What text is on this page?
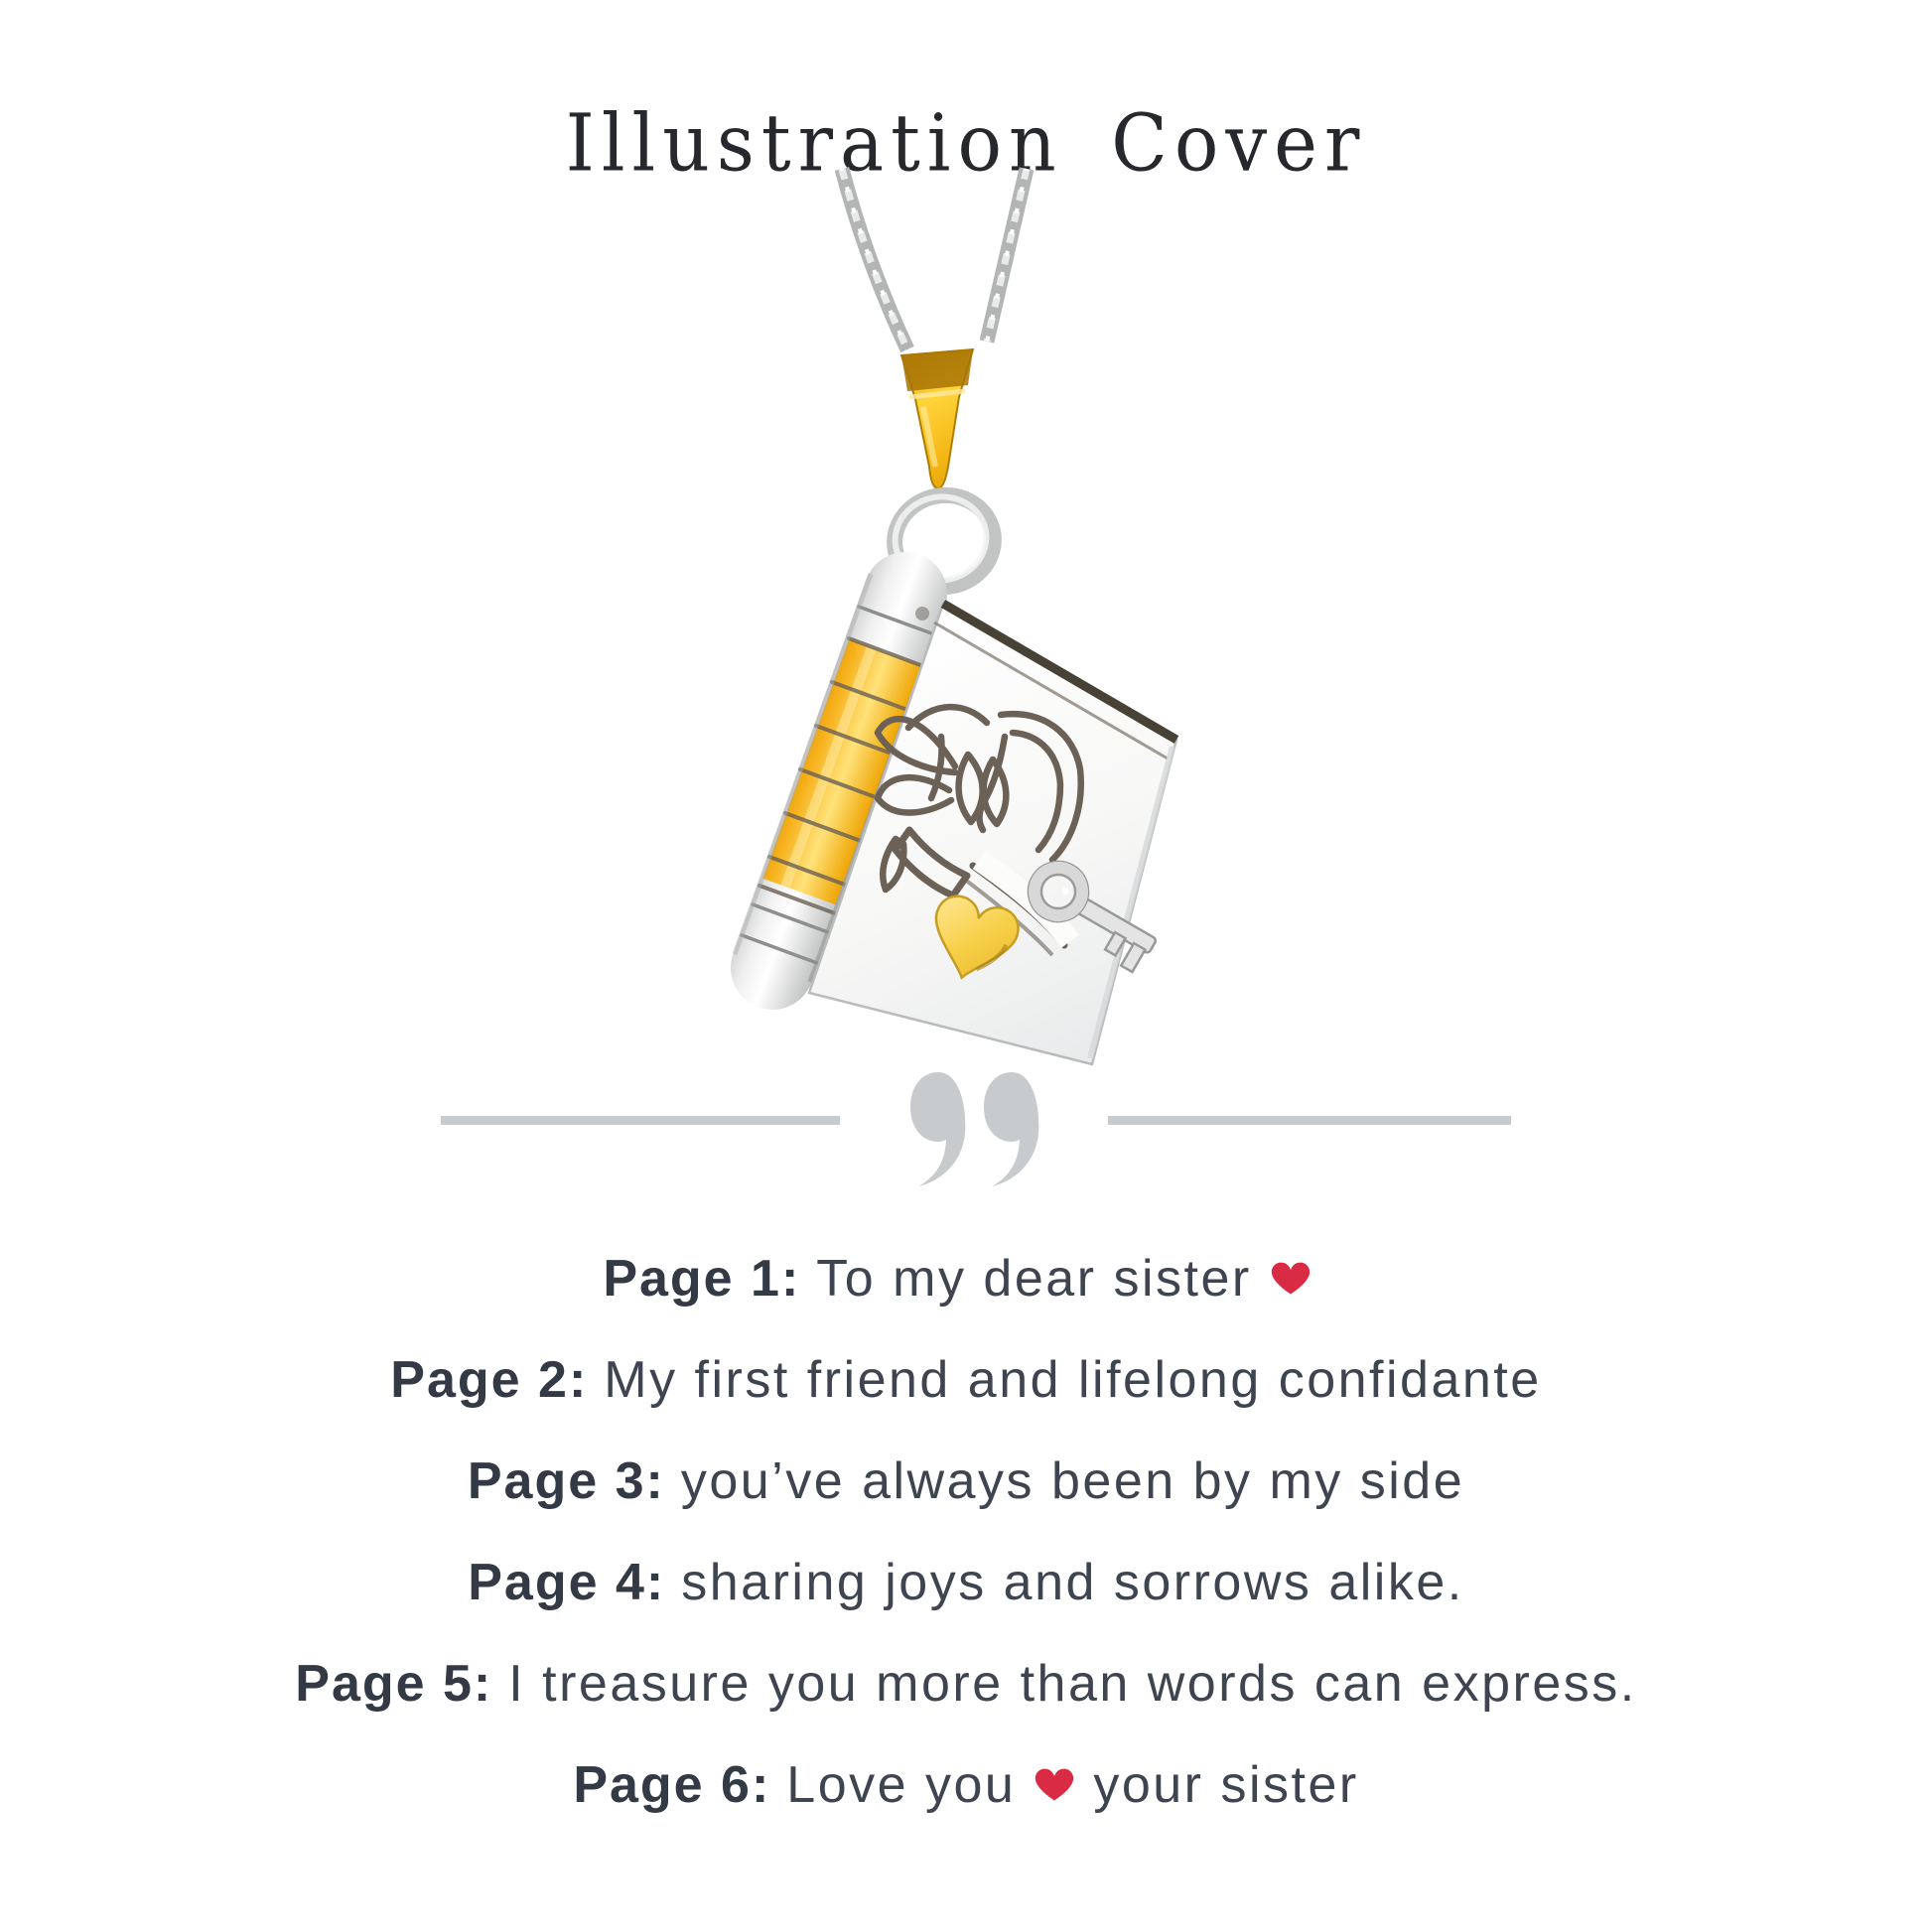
Illustration Cover
Page 1: To my dear sister
Page 2: My first friend and lifelong confidante
Page 3: you’ve always been by my side
Page 4: sharing joys and sorrows alike.
Page 5: I treasure you more than words can express.
Page 6: Love you your sister
